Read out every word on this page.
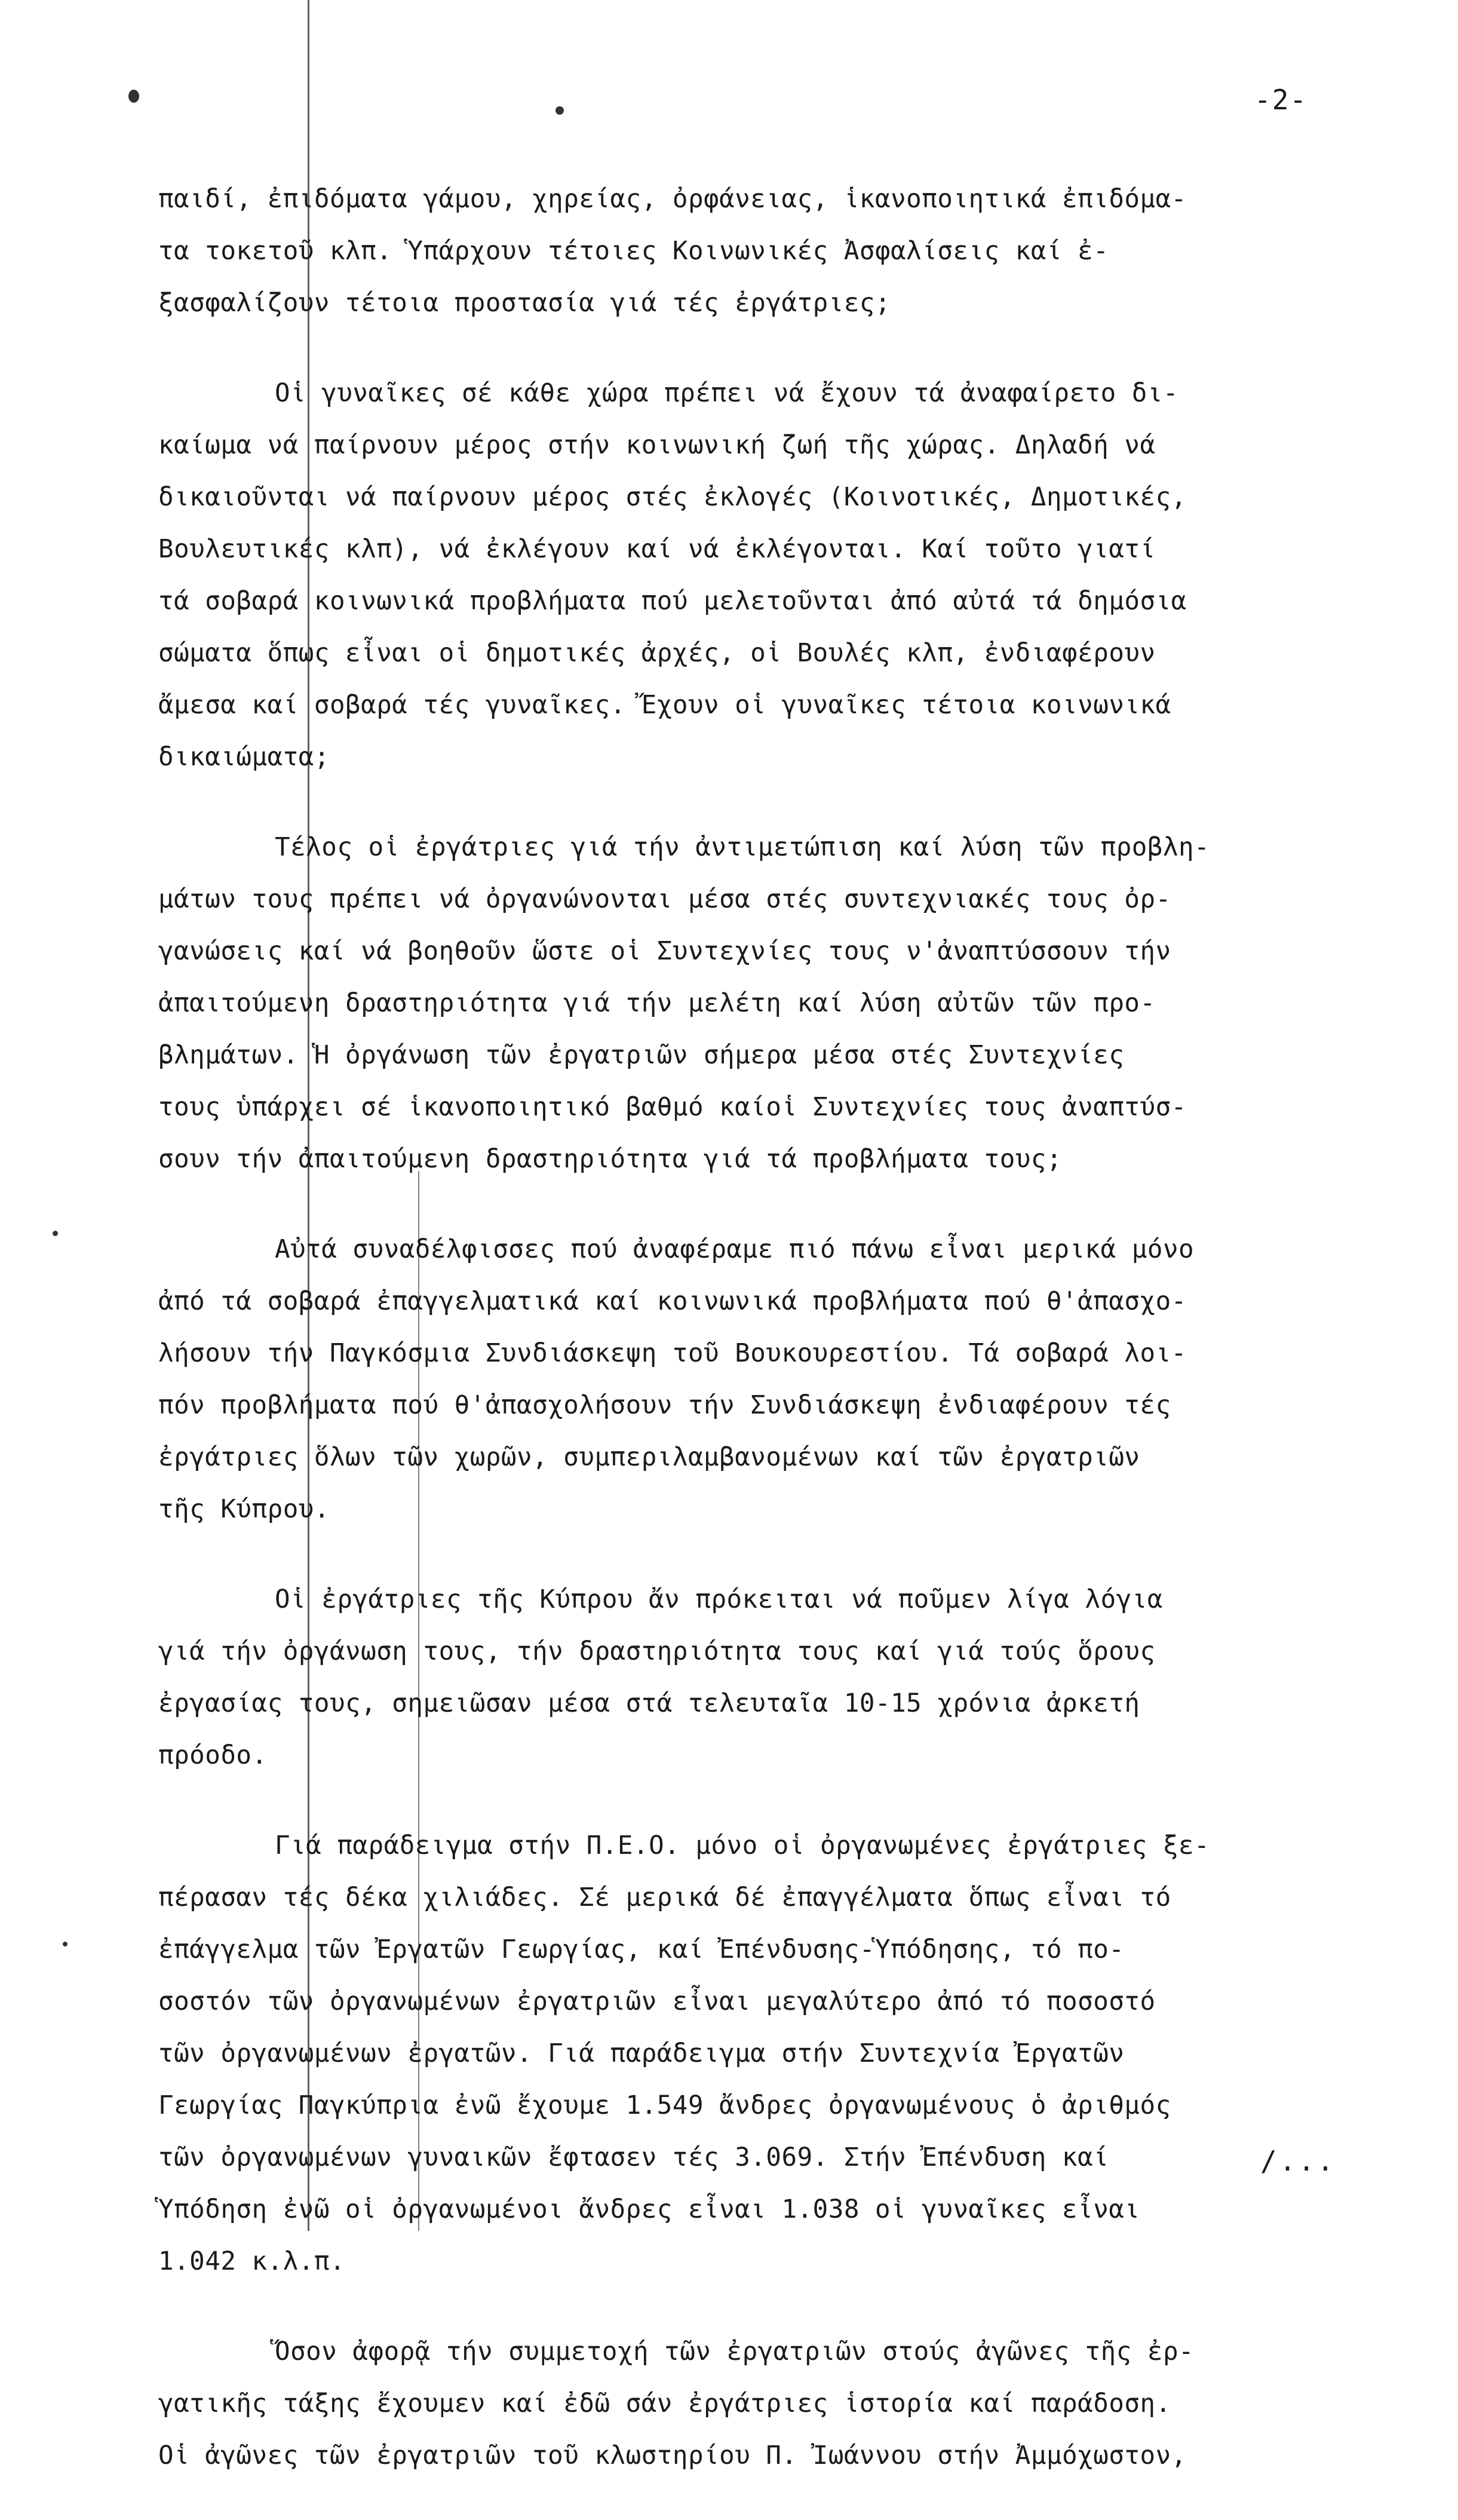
-2-
παιδί, ἐπιδόματα γάμου, χηρείας, ὀρφάνειας, ἱκανοποιητικά ἐπιδόμα-
τα τοκετοῦ κλπ. Ὑπάρχουν τέτοιες Κοινωνικές Ἀσφαλίσεις καί ἐ-
ξασφαλίζουν τέτοια προστασία γιά τές ἐργάτριες;
Οἱ γυναῖκες σέ κάθε χώρα πρέπει νά ἔχουν τά ἀναφαίρετο δι-
καίωμα νά παίρνουν μέρος στήν κοινωνική ζωή τῆς χώρας. Δηλαδή νά
δικαιοῦνται νά παίρνουν μέρος στές ἐκλογές (Κοινοτικές, Δημοτικές,
Βουλευτικές κλπ), νά ἐκλέγουν καί νά ἐκλέγονται. Καί τοῦτο γιατί
τά σοβαρά κοινωνικά προβλήματα πού μελετοῦνται ἀπό αὐτά τά δημόσια
σώματα ὅπως εἶναι οἱ δημοτικές ἀρχές, οἱ Βουλές κλπ, ἐνδιαφέρουν
ἄμεσα καί σοβαρά τές γυναῖκες. Ἔχουν οἱ γυναῖκες τέτοια κοινωνικά
δικαιώματα;
Τέλος οἱ ἐργάτριες γιά τήν ἀντιμετώπιση καί λύση τῶν προβλη-
μάτων τους πρέπει νά ὀργανώνονται μέσα στές συντεχνιακές τους ὀρ-
γανώσεις καί νά βοηθοῦν ὥστε οἱ Συντεχνίες τους ν'ἀναπτύσσουν τήν
ἀπαιτούμενη δραστηριότητα γιά τήν μελέτη καί λύση αὐτῶν τῶν προ-
βλημάτων. Ἡ ὀργάνωση τῶν ἐργατριῶν σήμερα μέσα στές Συντεχνίες
τους ὑπάρχει σέ ἱκανοποιητικό βαθμό καίοἱ Συντεχνίες τους ἀναπτύσ-
σουν τήν ἀπαιτούμενη δραστηριότητα γιά τά προβλήματα τους;
Αὐτά συναδέλφισσες πού ἀναφέραμε πιό πάνω εἶναι μερικά μόνο
ἀπό τά σοβαρά ἐπαγγελματικά καί κοινωνικά προβλήματα πού θ'ἀπασχο-
λήσουν τήν Παγκόσμια Συνδιάσκεψη τοῦ Βουκουρεστίου. Τά σοβαρά λοι-
πόν προβλήματα πού θ'ἀπασχολήσουν τήν Συνδιάσκεψη ἐνδιαφέρουν τές
ἐργάτριες ὅλων τῶν χωρῶν, συμπεριλαμβανομένων καί τῶν ἐργατριῶν
τῆς Κύπρου.
Οἱ ἐργάτριες τῆς Κύπρου ἄν πρόκειται νά ποῦμεν λίγα λόγια
γιά τήν ὀργάνωση τους, τήν δραστηριότητα τους καί γιά τούς ὅρους
ἐργασίας τους, σημειῶσαν μέσα στά τελευταῖα 10-15 χρόνια ἀρκετή
πρόοδο.
Γιά παράδειγμα στήν Π.Ε.Ο. μόνο οἱ ὀργανωμένες ἐργάτριες ξε-
πέρασαν τές δέκα χιλιάδες. Σέ μερικά δέ ἐπαγγέλματα ὅπως εἶναι τό
ἐπάγγελμα τῶν Ἐργατῶν Γεωργίας, καί Ἐπένδυσης-Ὑπόδησης, τό πο-
σοστόν τῶν ὀργανωμένων ἐργατριῶν εἶναι μεγαλύτερο ἀπό τό ποσοστό
τῶν ὀργανωμένων ἐργατῶν. Γιά παράδειγμα στήν Συντεχνία Ἐργατῶν
Γεωργίας Παγκύπρια ἐνῶ ἔχουμε 1.549 ἄνδρες ὀργανωμένους ὁ ἀριθμός
τῶν ὀργανωμένων γυναικῶν ἔφτασεν τές 3.069. Στήν Ἐπένδυση καί
Ὑπόδηση ἐνῶ οἱ ὀργανωμένοι ἄνδρες εἶναι 1.038 οἱ γυναῖκες εἶναι
1.042 κ.λ.π.
Ὅσον ἀφορᾷ τήν συμμετοχή τῶν ἐργατριῶν στούς ἀγῶνες τῆς ἐρ-
γατικῆς τάξης ἔχουμεν καί ἐδῶ σάν ἐργάτριες ἱστορία καί παράδοση.
Οἱ ἀγῶνες τῶν ἐργατριῶν τοῦ κλωστηρίου Π. Ἰωάννου στήν Ἀμμόχωστον,
/...
